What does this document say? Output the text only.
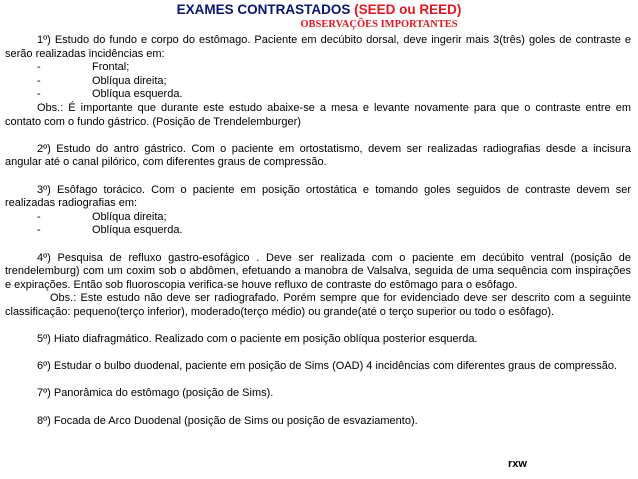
EXAMES CONTRASTADOS (SEED ou REED)
OBSERVAÇÕES IMPORTANTES

1º) Estudo do fundo e corpo do estômago. Paciente em decúbito dorsal, deve ingerir mais 3(três) goles de contraste e serão realizadas incidências em:

-	Frontal;
-	Oblíqua direita;
-	Oblíqua esquerda.

Obs.: É importante que durante este estudo abaixe-se a mesa e levante novamente para que o contraste entre em contato com o fundo gástrico. (Posição de Trendelemburger)

2º) Estudo do antro gástrico. Com o paciente em ortostatismo, devem ser realizadas radiografias desde a incisura angular até o canal pilórico, com diferentes graus de compressão.

3º) Esôfago torácico. Com o paciente em posição ortostática e tomando goles seguidos de contraste devem ser realizadas radiografias em:

-	Oblíqua direita;
-	Oblíqua esquerda.

4º) Pesquisa de refluxo gastro-esofágico . Deve ser realizada com o paciente em decúbito ventral (posição de trendelemburg) com um coxim sob o abdômen, efetuando a manobra de Valsalva, seguida de uma sequência com inspirações e expirações. Então sob fluoroscopia verifica-se houve refluxo de contraste do estômago para o esôfago.

Obs.: Este estudo não deve ser radiografado. Porém sempre que for evidenciado deve ser descrito com a seguinte classificação: pequeno(terço inferior), moderado(terço médio) ou grande(até o terço superior ou todo o esôfago).

5º) Hiato diafragmático. Realizado com o paciente em posição oblíqua posterior esquerda.

6º) Estudar o bulbo duodenal, paciente em posição de Sims (OAD) 4 incidências com diferentes graus de compressão.

7º) Panorâmica do estômago (posição de Sims).

8º) Focada de Arco Duodenal (posição de Sims ou posição de esvaziamento).

rxw
